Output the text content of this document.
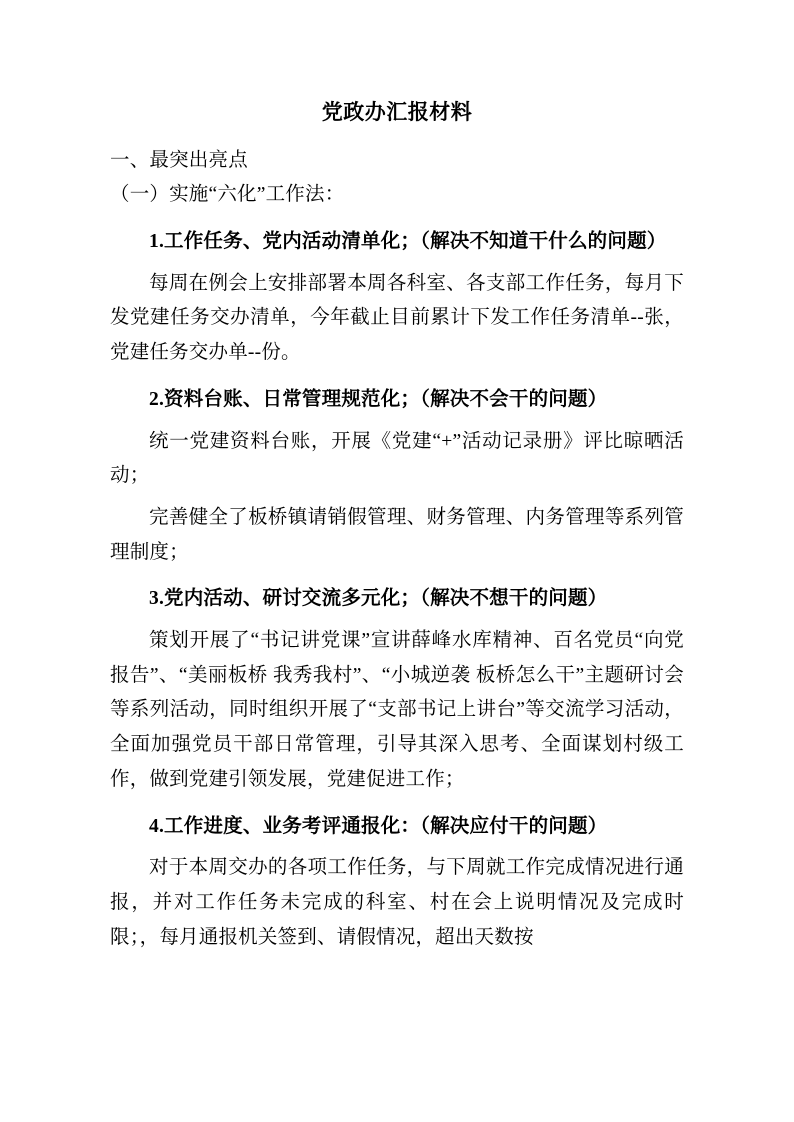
党政办汇报材料

一、最突出亮点

（一）实施“六化”工作法：

1.工作任务、党内活动清单化；（解决不知道干什么的问题）

每周在例会上安排部署本周各科室、各支部工作任务，每月下发党建任务交办清单，今年截止目前累计下发工作任务清单--张，党建任务交办单--份。

2.资料台账、日常管理规范化；（解决不会干的问题）

统一党建资料台账，开展《党建“+”活动记录册》评比晾晒活动；

完善健全了板桥镇请销假管理、财务管理、内务管理等系列管理制度；

3.党内活动、研讨交流多元化；（解决不想干的问题）

策划开展了“书记讲党课”宣讲薛峰水库精神、百名党员“向党报告”、“美丽板桥 我秀我村”、“小城逆袭 板桥怎么干”主题研讨会等系列活动，同时组织开展了“支部书记上讲台”等交流学习活动，全面加强党员干部日常管理，引导其深入思考、全面谋划村级工作，做到党建引领发展，党建促进工作；

4.工作进度、业务考评通报化：（解决应付干的问题）

对于本周交办的各项工作任务，与下周就工作完成情况进行通报，并对工作任务未完成的科室、村在会上说明情况及完成时限；，每月通报机关签到、请假情况，超出天数按
